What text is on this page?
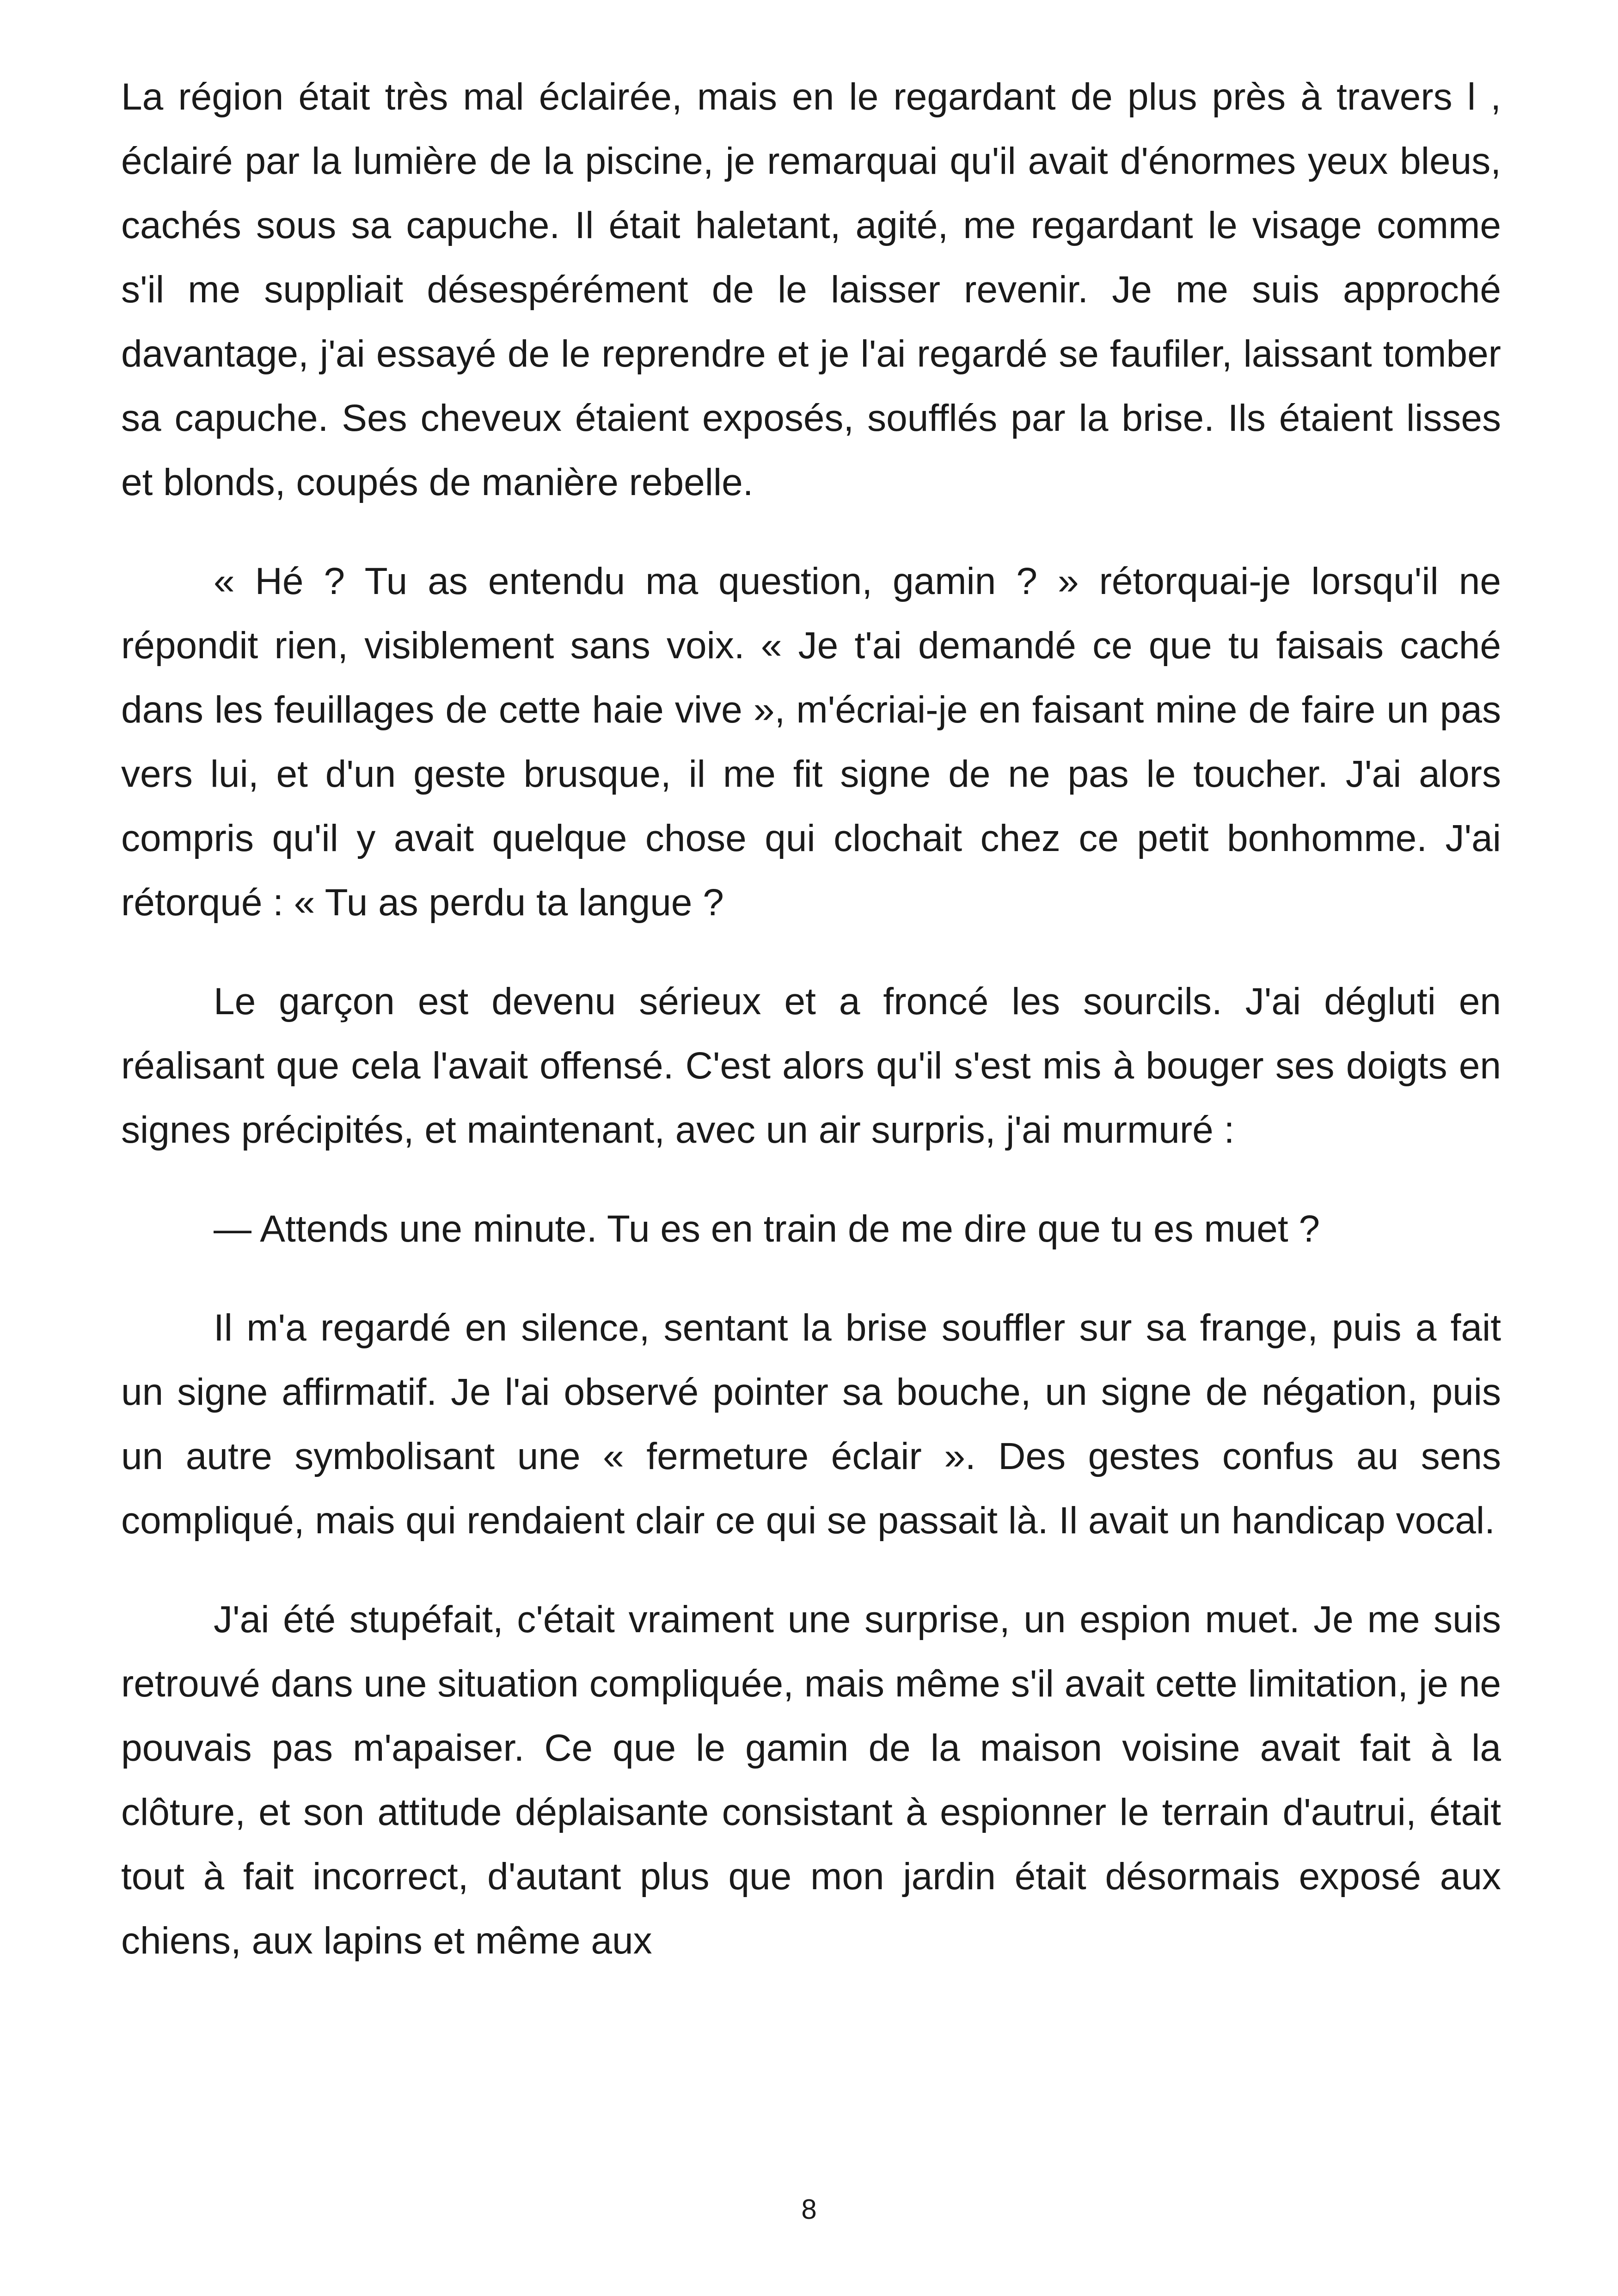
La région était très mal éclairée, mais en le regardant de plus près à travers l , éclairé par la lumière de la piscine, je remarquai qu'il avait d'énormes yeux bleus, cachés sous sa capuche. Il était haletant, agité, me regardant le visage comme s'il me suppliait désespérément de le laisser revenir. Je me suis approché davantage, j'ai essayé de le reprendre et je l'ai regardé se faufiler, laissant tomber sa capuche. Ses cheveux étaient exposés, soufflés par la brise. Ils étaient lisses et blonds, coupés de manière rebelle.

« Hé ? Tu as entendu ma question, gamin ? » rétorquai-je lorsqu'il ne répondit rien, visiblement sans voix. « Je t'ai demandé ce que tu faisais caché dans les feuillages de cette haie vive », m'écriai-je en faisant mine de faire un pas vers lui, et d'un geste brusque, il me fit signe de ne pas le toucher. J'ai alors compris qu'il y avait quelque chose qui clochait chez ce petit bonhomme. J'ai rétorqué : « Tu as perdu ta langue ?

Le garçon est devenu sérieux et a froncé les sourcils. J'ai dégluti en réalisant que cela l'avait offensé. C'est alors qu'il s'est mis à bouger ses doigts en signes précipités, et maintenant, avec un air surpris, j'ai murmuré :

— Attends une minute. Tu es en train de me dire que tu es muet ?

Il m'a regardé en silence, sentant la brise souffler sur sa frange, puis a fait un signe affirmatif. Je l'ai observé pointer sa bouche, un signe de négation, puis un autre symbolisant une « fermeture éclair ». Des gestes confus au sens compliqué, mais qui rendaient clair ce qui se passait là. Il avait un handicap vocal.

J'ai été stupéfait, c'était vraiment une surprise, un espion muet. Je me suis retrouvé dans une situation compliquée, mais même s'il avait cette limitation, je ne pouvais pas m'apaiser. Ce que le gamin de la maison voisine avait fait à la clôture, et son attitude déplaisante consistant à espionner le terrain d'autrui, était tout à fait incorrect, d'autant plus que mon jardin était désormais exposé aux chiens, aux lapins et même aux

8
